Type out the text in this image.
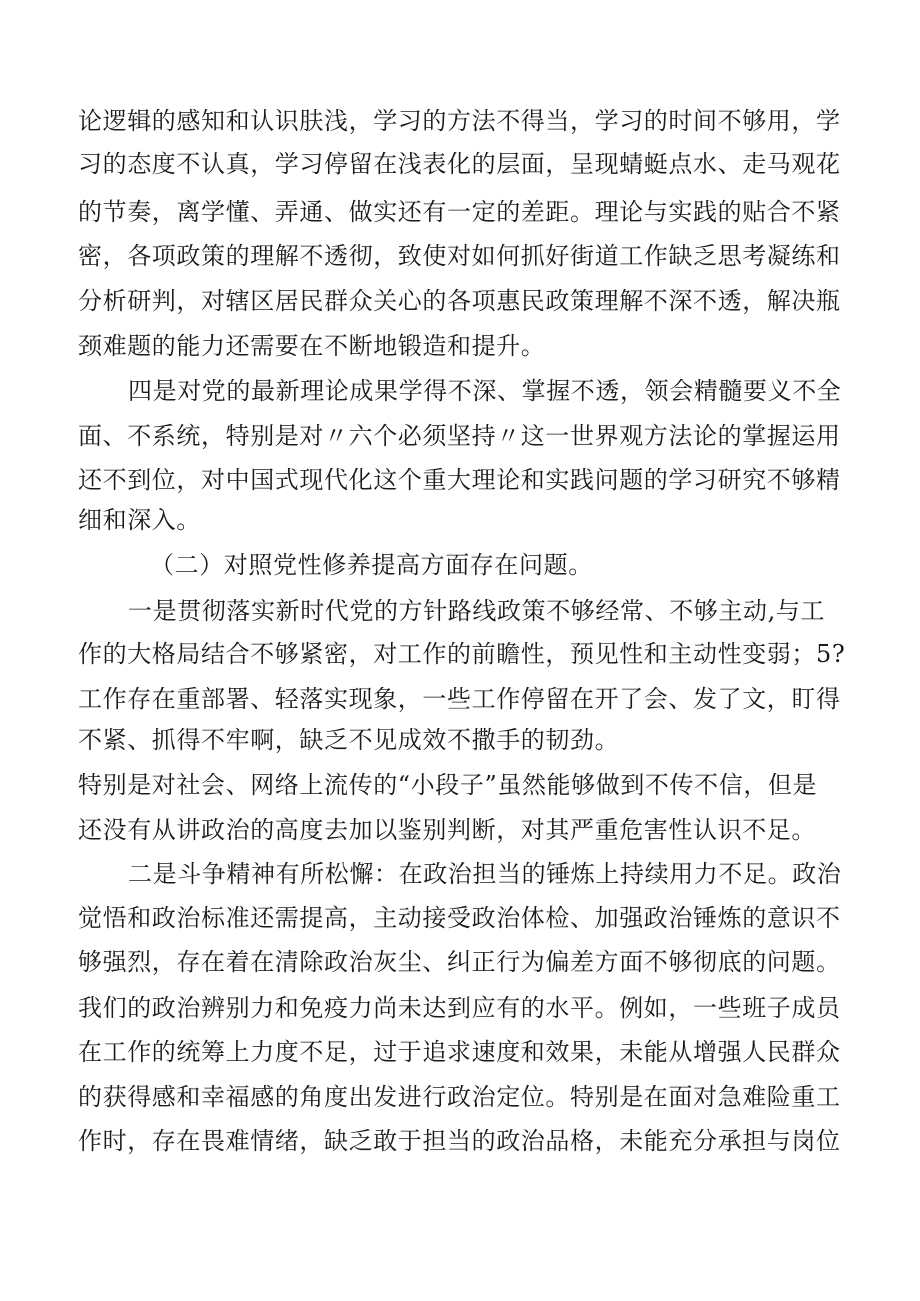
论逻辑的感知和认识肤浅，学习的方法不得当，学习的时间不够用，学
习的态度不认真，学习停留在浅表化的层面，呈现蜻蜓点水、走马观花
的节奏，离学懂、弄通、做实还有一定的差距。理论与实践的贴合不紧
密，各项政策的理解不透彻，致使对如何抓好街道工作缺乏思考凝练和
分析研判，对辖区居民群众关心的各项惠民政策理解不深不透，解决瓶
颈难题的能力还需要在不断地锻造和提升。
四是对党的最新理论成果学得不深、掌握不透，领会精髓要义不全
面、不系统，特别是对〃六个必须坚持〃这一世界观方法论的掌握运用
还不到位，对中国式现代化这个重大理论和实践问题的学习研究不够精
细和深入。
（二）对照党性修养提高方面存在问题。
一是贯彻落实新时代党的方针路线政策不够经常、不够主动,与工
作的大格局结合不够紧密，对工作的前瞻性，预见性和主动性变弱；5?
工作存在重部署、轻落实现象，一些工作停留在开了会、发了文，盯得
不紧、抓得不牢啊，缺乏不见成效不撒手的韧劲。
特别是对社会、网络上流传的“小段子”虽然能够做到不传不信，但是
还没有从讲政治的高度去加以鉴别判断，对其严重危害性认识不足。
二是斗争精神有所松懈：在政治担当的锤炼上持续用力不足。政治
觉悟和政治标准还需提高，主动接受政治体检、加强政治锤炼的意识不
够强烈，存在着在清除政治灰尘、纠正行为偏差方面不够彻底的问题。
我们的政治辨别力和免疫力尚未达到应有的水平。例如，一些班子成员
在工作的统筹上力度不足，过于追求速度和效果，未能从增强人民群众
的获得感和幸福感的角度出发进行政治定位。特别是在面对急难险重工
作时，存在畏难情绪，缺乏敢于担当的政治品格，未能充分承担与岗位
